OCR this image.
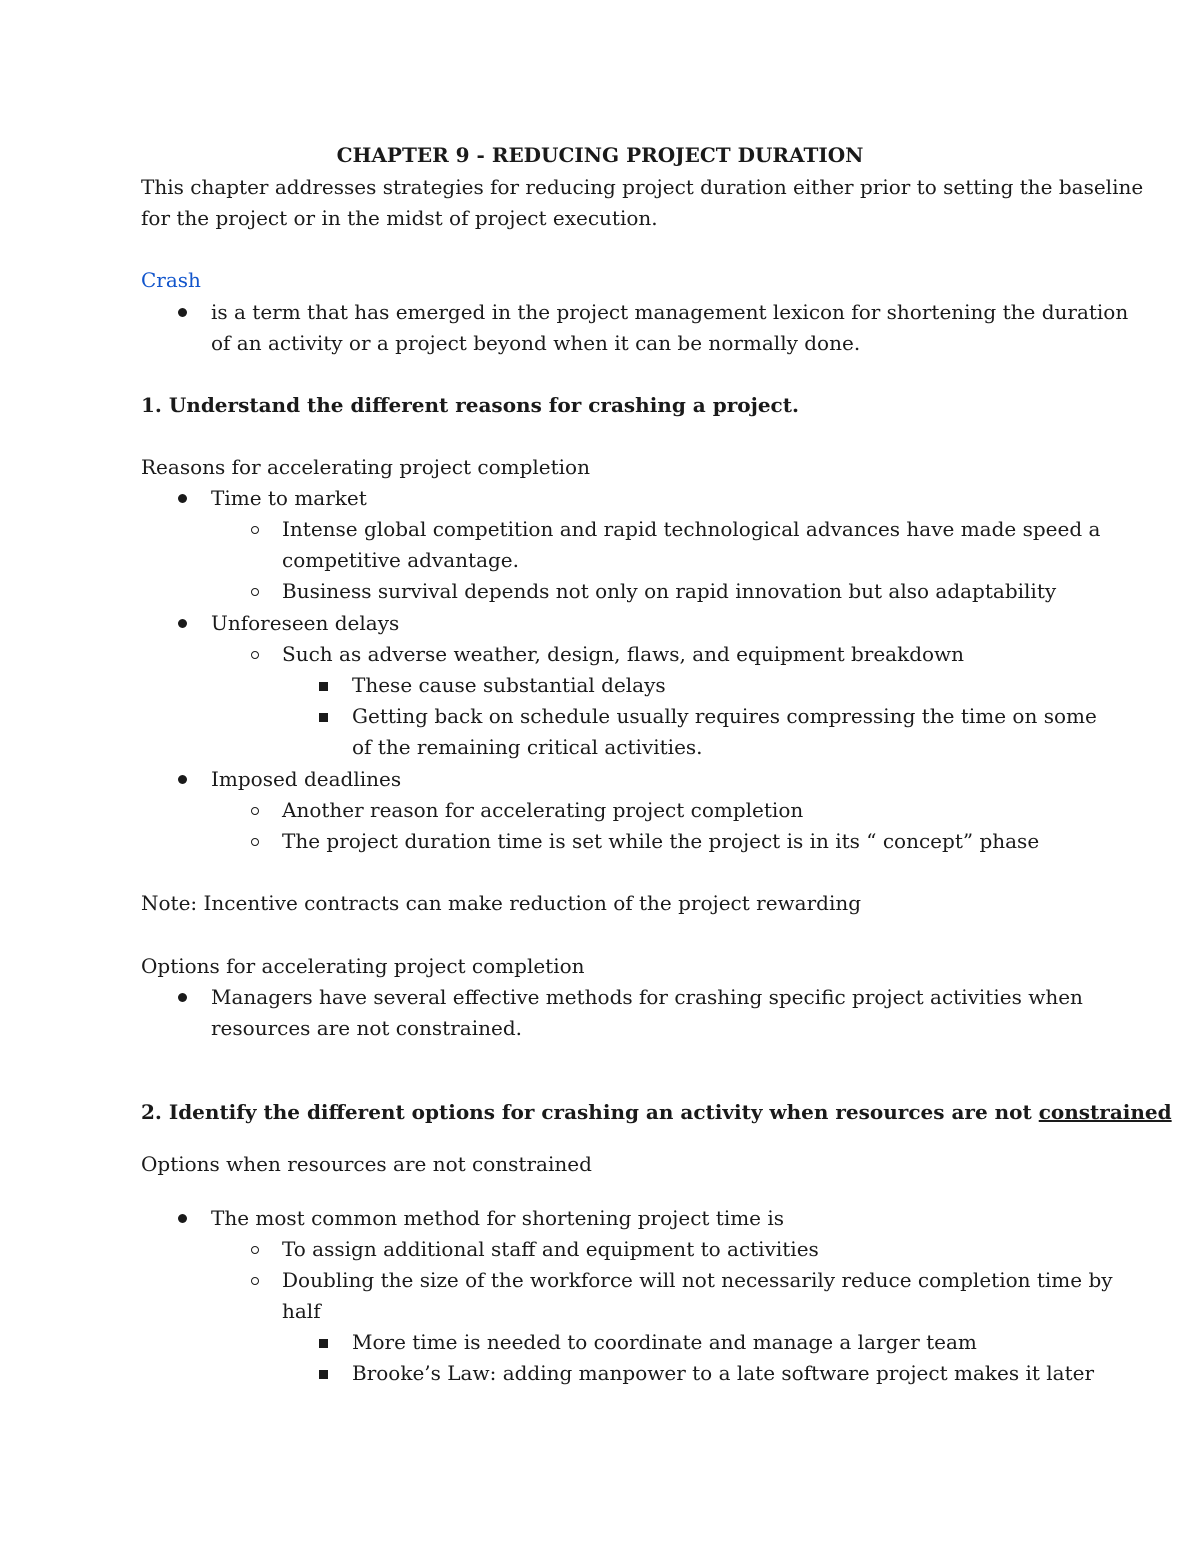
CHAPTER 9 - REDUCING PROJECT DURATION
This chapter addresses strategies for reducing project duration either prior to setting the baseline
for the project or in the midst of project execution.
Crash
is a term that has emerged in the project management lexicon for shortening the duration
of an activity or a project beyond when it can be normally done.
1. Understand the different reasons for crashing a project.
Reasons for accelerating project completion
Time to market
Intense global competition and rapid technological advances have made speed a
competitive advantage.
Business survival depends not only on rapid innovation but also adaptability
Unforeseen delays
Such as adverse weather, design, flaws, and equipment breakdown
These cause substantial delays
Getting back on schedule usually requires compressing the time on some
of the remaining critical activities.
Imposed deadlines
Another reason for accelerating project completion
The project duration time is set while the project is in its “ concept” phase
Note: Incentive contracts can make reduction of the project rewarding
Options for accelerating project completion
Managers have several effective methods for crashing specific project activities when
resources are not constrained.
2. Identify the different options for crashing an activity when resources are not constrained
Options when resources are not constrained
The most common method for shortening project time is
To assign additional staff and equipment to activities
Doubling the size of the workforce will not necessarily reduce completion time by
half
More time is needed to coordinate and manage a larger team
Brooke’s Law: adding manpower to a late software project makes it later
